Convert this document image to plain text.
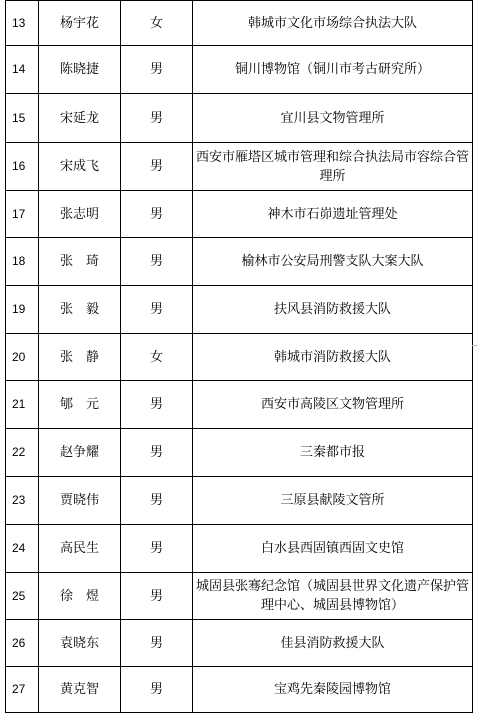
13	杨宇花	女	韩城市文化市场综合执法大队
14	陈晓捷	男	铜川博物馆（铜川市考古研究所）
15	宋延龙	男	宜川县文物管理所
16	宋成飞	男	西安市雁塔区城市管理和综合执法局市容综合管理所
17	张志明	男	神木市石峁遗址管理处
18	张　琦	男	榆林市公安局刑警支队大案大队
19	张　毅	男	扶风县消防救援大队
20	张　静	女	韩城市消防救援大队
21	郇　元	男	西安市高陵区文物管理所
22	赵争耀	男	三秦都市报
23	贾晓伟	男	三原县献陵文管所
24	高民生	男	白水县西固镇西固文史馆
25	徐　煜	男	城固县张骞纪念馆（城固县世界文化遗产保护管理中心、城固县博物馆）
26	袁晓东	男	佳县消防救援大队
27	黄克智	男	宝鸡先秦陵园博物馆
